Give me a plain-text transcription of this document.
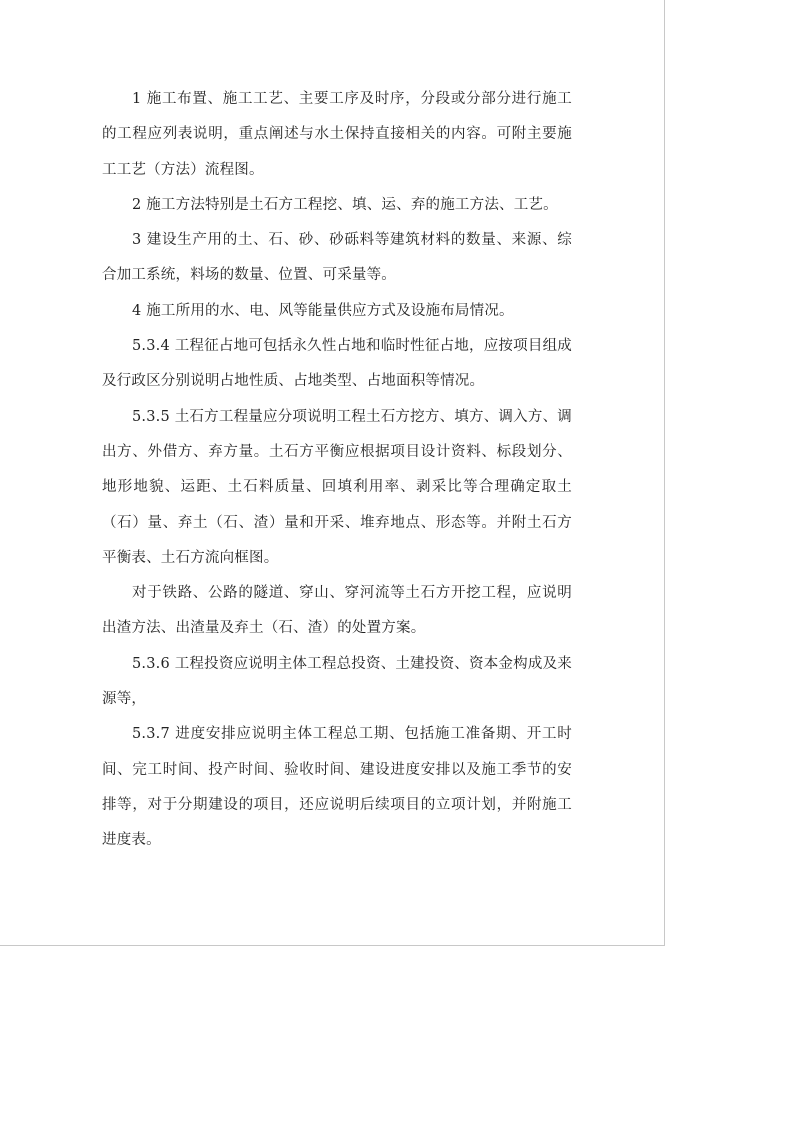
1 施工布置、施工工艺、主要工序及时序，分段或分部分进行施工的工程应列表说明，重点阐述与水土保持直接相关的内容。可附主要施工工艺（方法）流程图。

2 施工方法特别是土石方工程挖、填、运、弃的施工方法、工艺。

3 建设生产用的土、石、砂、砂砾料等建筑材料的数量、来源、综合加工系统，料场的数量、位置、可采量等。

4 施工所用的水、电、风等能量供应方式及设施布局情况。

5.3.4 工程征占地可包括永久性占地和临时性征占地，应按项目组成及行政区分别说明占地性质、占地类型、占地面积等情况。

5.3.5 土石方工程量应分项说明工程土石方挖方、填方、调入方、调出方、外借方、弃方量。土石方平衡应根据项目设计资料、标段划分、地形地貌、运距、土石料质量、回填利用率、剥采比等合理确定取土（石）量、弃土（石、渣）量和开采、堆弃地点、形态等。并附土石方平衡表、土石方流向框图。

对于铁路、公路的隧道、穿山、穿河流等土石方开挖工程，应说明出渣方法、出渣量及弃土（石、渣）的处置方案。

5.3.6 工程投资应说明主体工程总投资、土建投资、资本金构成及来源等，

5.3.7 进度安排应说明主体工程总工期、包括施工准备期、开工时间、完工时间、投产时间、验收时间、建设进度安排以及施工季节的安排等，对于分期建设的项目，还应说明后续项目的立项计划，并附施工进度表。
